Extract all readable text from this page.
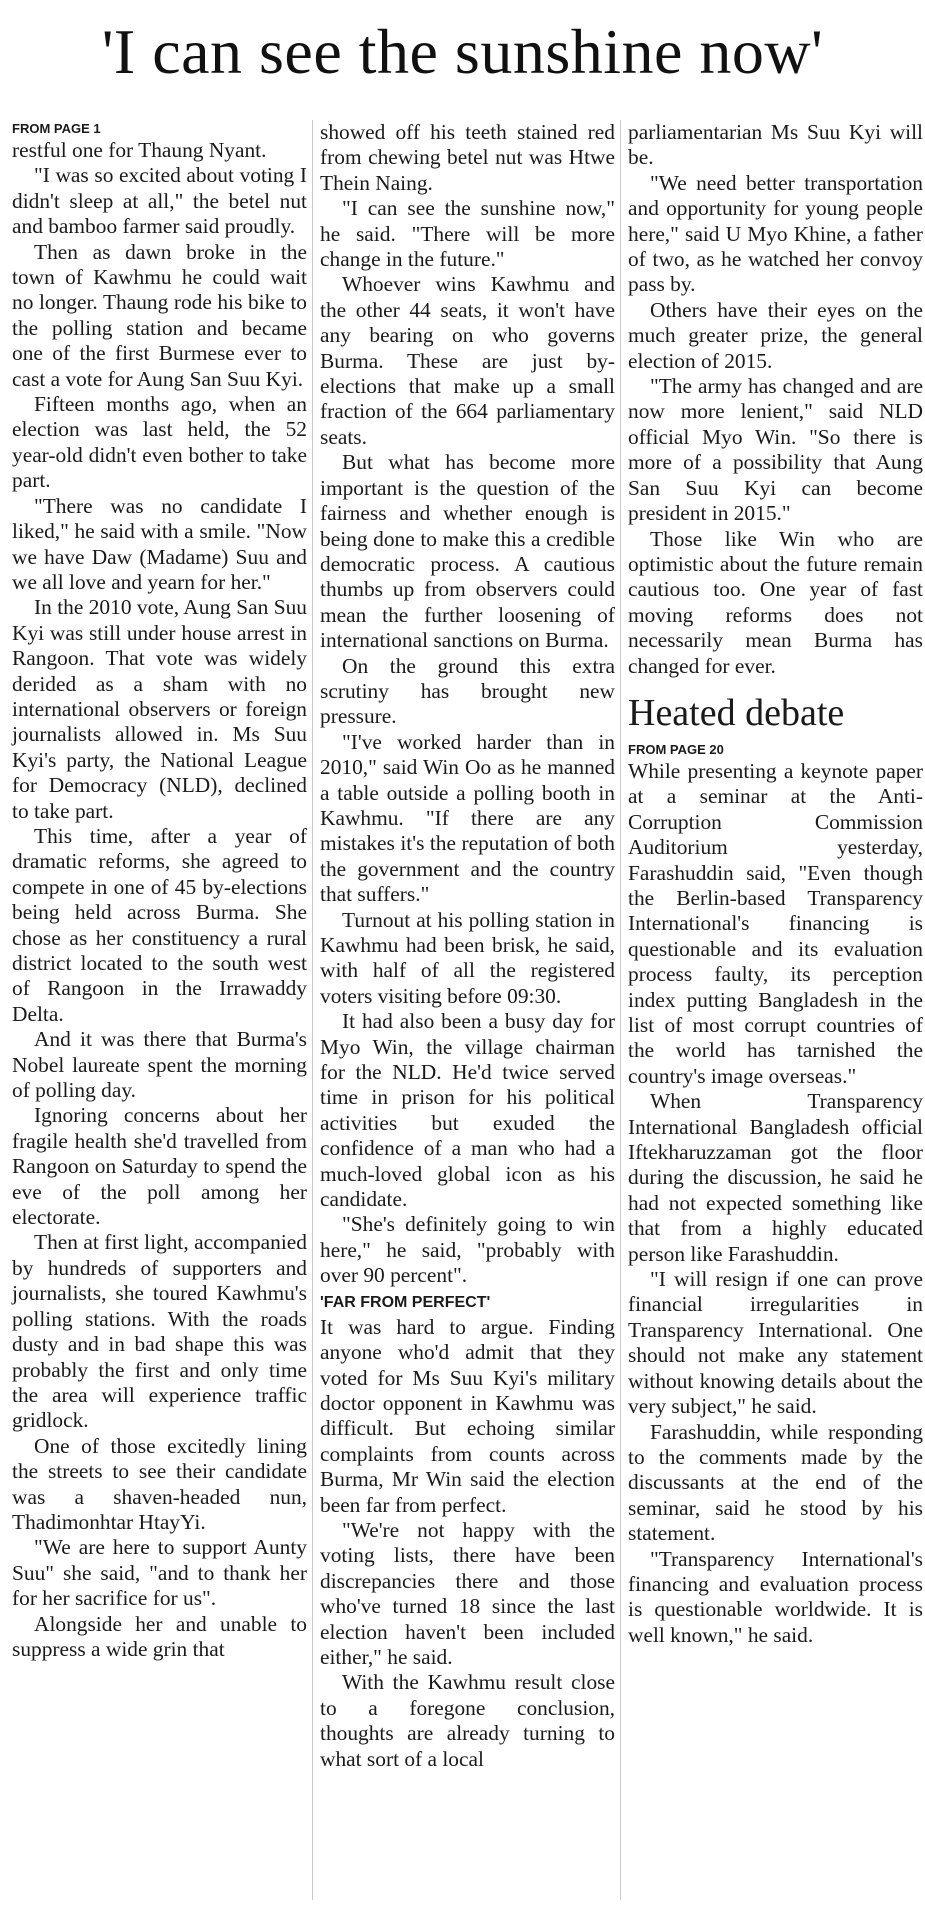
'I can see the sunshine now'
FROM PAGE 1

restful one for Thaung Nyant.

"I was so excited about voting I didn't sleep at all," the betel nut and bamboo farmer said proudly.

Then as dawn broke in the town of Kawhmu he could wait no longer. Thaung rode his bike to the polling station and became one of the first Burmese ever to cast a vote for Aung San Suu Kyi.

Fifteen months ago, when an election was last held, the 52 year-old didn't even bother to take part.

"There was no candidate I liked," he said with a smile. "Now we have Daw (Madame) Suu and we all love and yearn for her."

In the 2010 vote, Aung San Suu Kyi was still under house arrest in Rangoon. That vote was widely derided as a sham with no international observers or foreign journalists allowed in. Ms Suu Kyi's party, the National League for Democracy (NLD), declined to take part.

This time, after a year of dramatic reforms, she agreed to compete in one of 45 by-elections being held across Burma. She chose as her constituency a rural district located to the south west of Rangoon in the Irrawaddy Delta.

And it was there that Burma's Nobel laureate spent the morning of polling day.

Ignoring concerns about her fragile health she'd travelled from Rangoon on Saturday to spend the eve of the poll among her electorate.

Then at first light, accompanied by hundreds of supporters and journalists, she toured Kawhmu's polling stations. With the roads dusty and in bad shape this was probably the first and only time the area will experience traffic gridlock.

One of those excitedly lining the streets to see their candidate was a shaven-headed nun, Thadimonhtar HtayYi.

"We are here to support Aunty Suu" she said, "and to thank her for her sacrifice for us".

Alongside her and unable to suppress a wide grin that

showed off his teeth stained red from chewing betel nut was Htwe Thein Naing.

"I can see the sunshine now," he said. "There will be more change in the future."

Whoever wins Kawhmu and the other 44 seats, it won't have any bearing on who governs Burma. These are just by-elections that make up a small fraction of the 664 parliamentary seats.

But what has become more important is the question of the fairness and whether enough is being done to make this a credible democratic process. A cautious thumbs up from observers could mean the further loosening of international sanctions on Burma.

On the ground this extra scrutiny has brought new pressure.

"I've worked harder than in 2010," said Win Oo as he manned a table outside a polling booth in Kawhmu. "If there are any mistakes it's the reputation of both the government and the country that suffers."

Turnout at his polling station in Kawhmu had been brisk, he said, with half of all the registered voters visiting before 09:30.

It had also been a busy day for Myo Win, the village chairman for the NLD. He'd twice served time in prison for his political activities but exuded the confidence of a man who had a much-loved global icon as his candidate.

"She's definitely going to win here," he said, "probably with over 90 percent".

'FAR FROM PERFECT'

It was hard to argue. Finding anyone who'd admit that they voted for Ms Suu Kyi's military doctor opponent in Kawhmu was difficult. But echoing similar complaints from counts across Burma, Mr Win said the election been far from perfect.

"We're not happy with the voting lists, there have been discrepancies there and those who've turned 18 since the last election haven't been included either," he said.

With the Kawhmu result close to a foregone conclusion, thoughts are already turning to what sort of a local

parliamentarian Ms Suu Kyi will be.

"We need better transportation and opportunity for young people here," said U Myo Khine, a father of two, as he watched her convoy pass by.

Others have their eyes on the much greater prize, the general election of 2015.

"The army has changed and are now more lenient," said NLD official Myo Win. "So there is more of a possibility that Aung San Suu Kyi can become president in 2015."

Those like Win who are optimistic about the future remain cautious too. One year of fast moving reforms does not necessarily mean Burma has changed for ever.

Heated debate
FROM PAGE 20

While presenting a keynote paper at a seminar at the Anti-Corruption Commission Auditorium yesterday, Farashuddin said, "Even though the Berlin-based Transparency International's financing is questionable and its evaluation process faulty, its perception index putting Bangladesh in the list of most corrupt countries of the world has tarnished the country's image overseas."

When Transparency International Bangladesh official Iftekharuzzaman got the floor during the discussion, he said he had not expected something like that from a highly educated person like Farashuddin.

"I will resign if one can prove financial irregularities in Transparency International. One should not make any statement without knowing details about the very subject," he said.

Farashuddin, while responding to the comments made by the discussants at the end of the seminar, said he stood by his statement.

"Transparency International's financing and evaluation process is questionable worldwide. It is well known," he said.
